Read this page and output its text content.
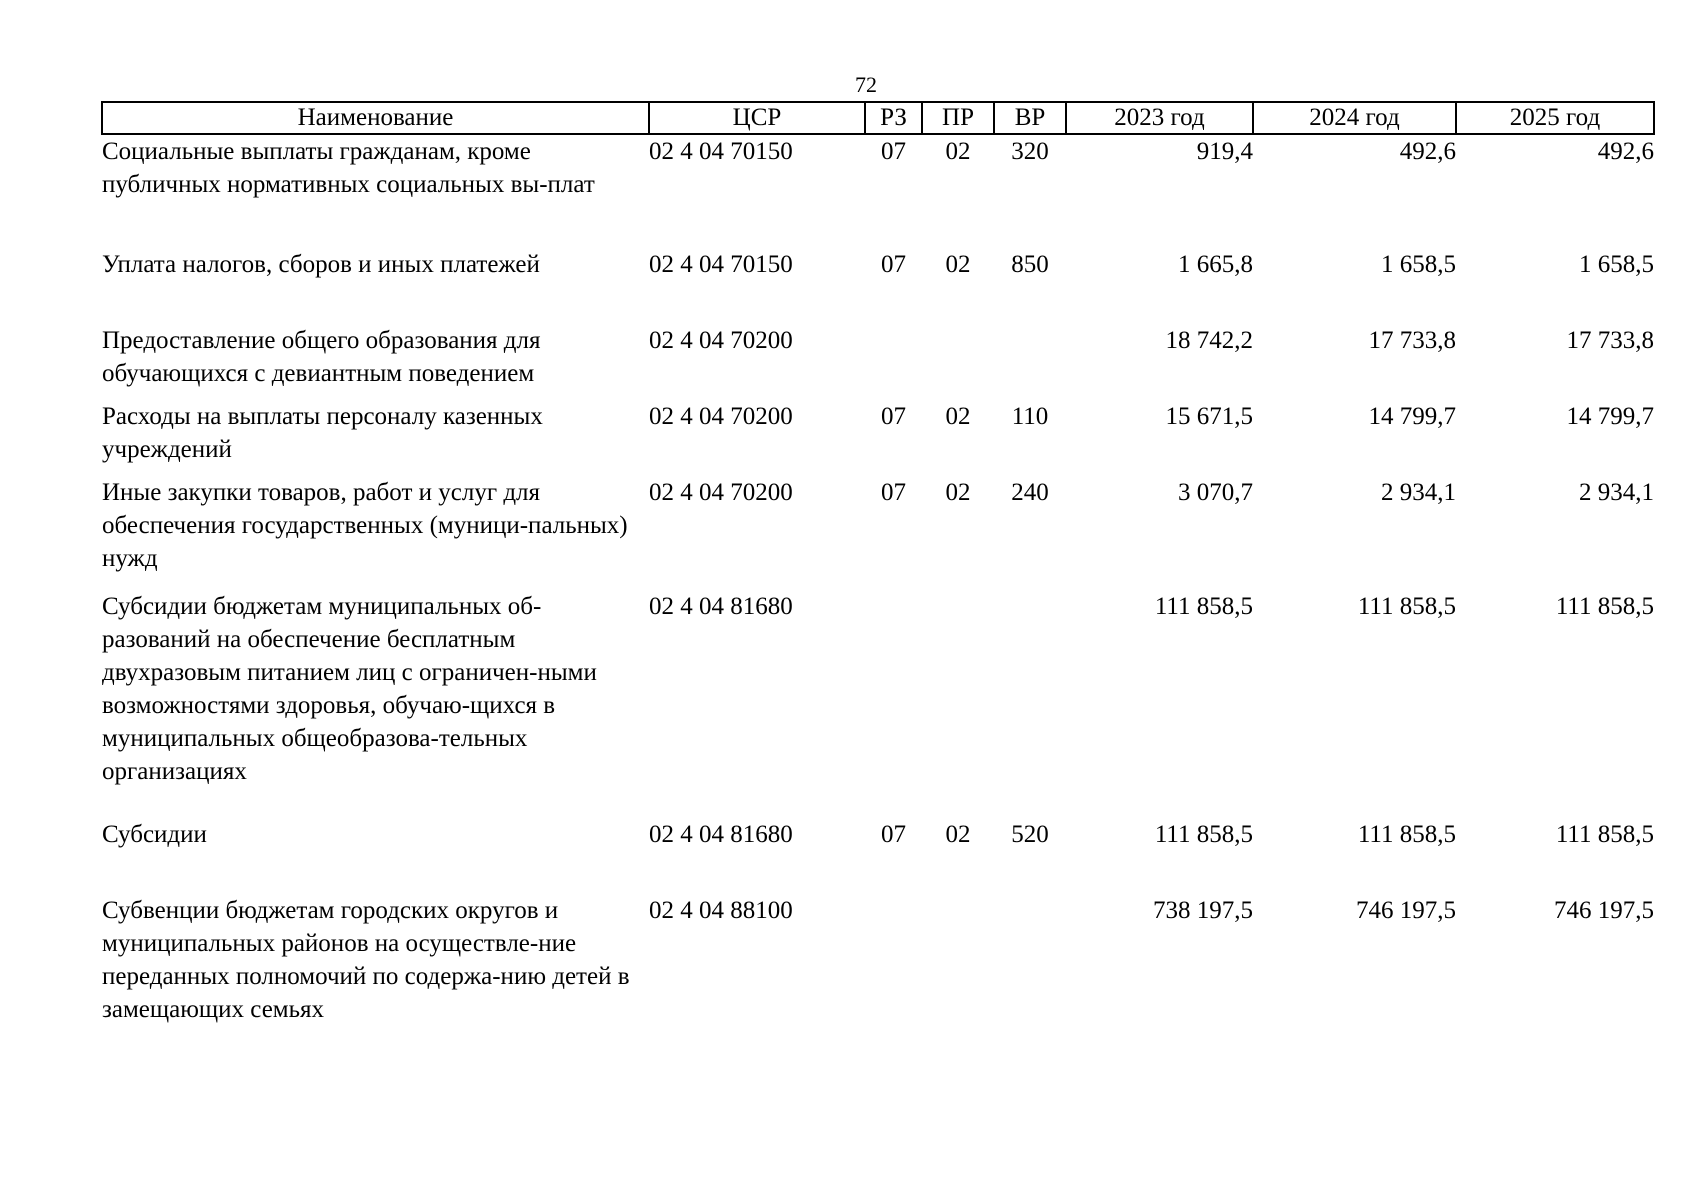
72
Наименование	ЦСР	РЗ	ПР	ВР	2023 год	2024 год	2025 год
Социальные выплаты гражданам, кроме публичных нормативных социальных вы-плат	02 4 04 70150	07	02	320	919,4	492,6	492,6
Уплата налогов, сборов и иных платежей	02 4 04 70150	07	02	850	1 665,8	1 658,5	1 658,5
Предоставление общего образования для обучающихся с девиантным поведением	02 4 04 70200				18 742,2	17 733,8	17 733,8
Расходы на выплаты персоналу казенных учреждений	02 4 04 70200	07	02	110	15 671,5	14 799,7	14 799,7
Иные закупки товаров, работ и услуг для обеспечения государственных (муници-пальных) нужд	02 4 04 70200	07	02	240	3 070,7	2 934,1	2 934,1
Субсидии бюджетам муниципальных об-разований на обеспечение бесплатным двухразовым питанием лиц с ограничен-ными возможностями здоровья, обучаю-щихся в муниципальных общеобразова-тельных организациях	02 4 04 81680				111 858,5	111 858,5	111 858,5
Субсидии	02 4 04 81680	07	02	520	111 858,5	111 858,5	111 858,5
Субвенции бюджетам городских округов и муниципальных районов на осуществле-ние переданных полномочий по содержа-нию детей в замещающих семьях	02 4 04 88100				738 197,5	746 197,5	746 197,5
